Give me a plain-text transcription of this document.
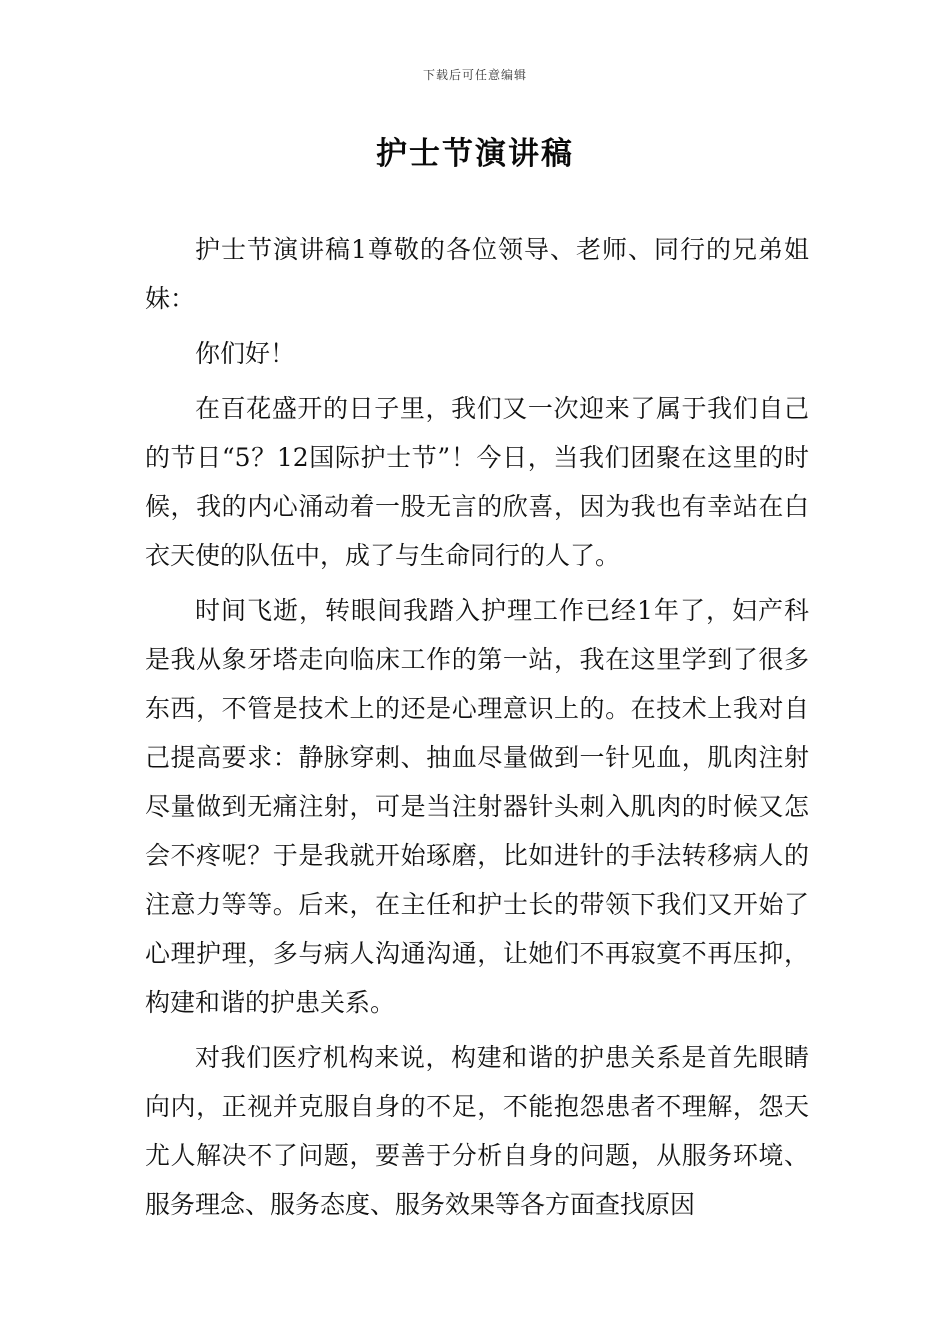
下载后可任意编辑
护士节演讲稿

护士节演讲稿1尊敬的各位领导、老师、同行的兄弟姐妹：

你们好！

在百花盛开的日子里，我们又一次迎来了属于我们自己的节日“5？12国际护士节”！今日，当我们团聚在这里的时候，我的内心涌动着一股无言的欣喜，因为我也有幸站在白衣天使的队伍中，成了与生命同行的人了。

时间飞逝，转眼间我踏入护理工作已经1年了，妇产科是我从象牙塔走向临床工作的第一站，我在这里学到了很多东西，不管是技术上的还是心理意识上的。在技术上我对自己提高要求：静脉穿刺、抽血尽量做到一针见血，肌肉注射尽量做到无痛注射，可是当注射器针头刺入肌肉的时候又怎会不疼呢？于是我就开始琢磨，比如进针的手法转移病人的注意力等等。后来，在主任和护士长的带领下我们又开始了心理护理，多与病人沟通沟通，让她们不再寂寞不再压抑，构建和谐的护患关系。

对我们医疗机构来说，构建和谐的护患关系是首先眼睛向内，正视并克服自身的不足，不能抱怨患者不理解，怨天尤人解决不了问题，要善于分析自身的问题，从服务环境、服务理念、服务态度、服务效果等各方面查找原因
